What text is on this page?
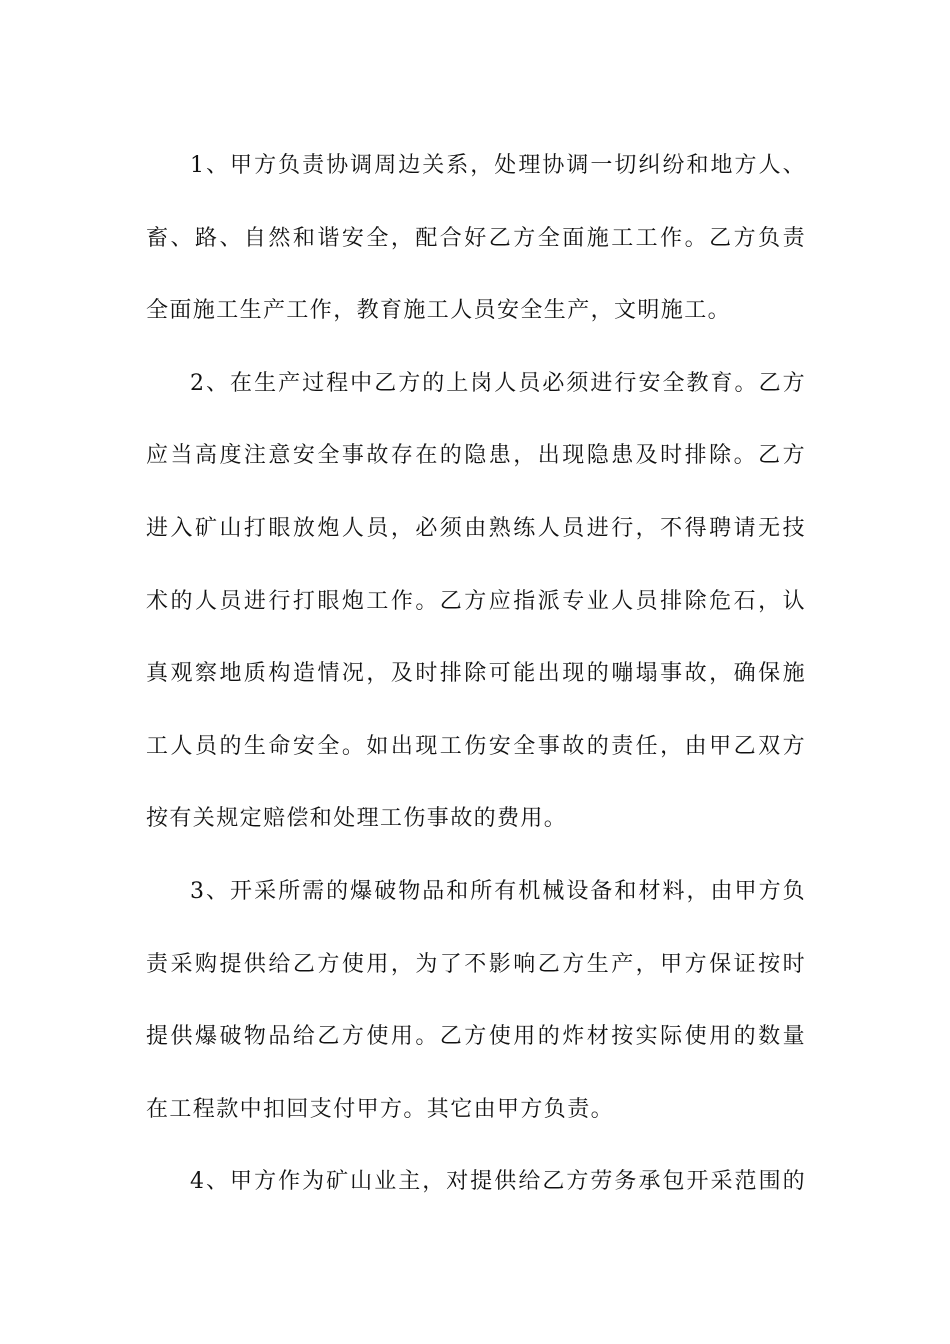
1、甲方负责协调周边关系，处理协调一切纠纷和地方人、
畜、路、自然和谐安全，配合好乙方全面施工工作。乙方负责
全面施工生产工作，教育施工人员安全生产，文明施工。
2、在生产过程中乙方的上岗人员必须进行安全教育。乙方
应当高度注意安全事故存在的隐患，出现隐患及时排除。乙方
进入矿山打眼放炮人员，必须由熟练人员进行，不得聘请无技
术的人员进行打眼炮工作。乙方应指派专业人员排除危石，认
真观察地质构造情况，及时排除可能出现的嘣塌事故，确保施
工人员的生命安全。如出现工伤安全事故的责任，由甲乙双方
按有关规定赔偿和处理工伤事故的费用。
3、开采所需的爆破物品和所有机械设备和材料，由甲方负
责采购提供给乙方使用，为了不影响乙方生产，甲方保证按时
提供爆破物品给乙方使用。乙方使用的炸材按实际使用的数量
在工程款中扣回支付甲方。其它由甲方负责。
4、甲方作为矿山业主，对提供给乙方劳务承包开采范围的
